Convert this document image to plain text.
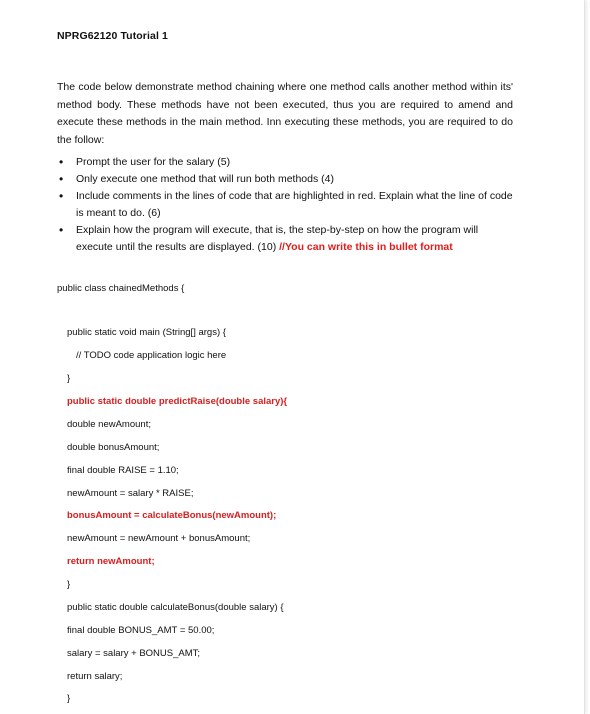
NPRG62120 Tutorial 1

The code below demonstrate method chaining where one method calls another method within its' method body. These methods have not been executed, thus you are required to amend and execute these methods in the main method. Inn executing these methods, you are required to do the follow:

• Prompt the user for the salary (5)
• Only execute one method that will run both methods (4)
• Include comments in the lines of code that are highlighted in red. Explain what the line of code is meant to do. (6)
• Explain how the program will execute, that is, the step-by-step on how the program will execute until the results are displayed. (10) //You can write this in bullet format
public class chainedMethods {
public static void main (String[] args) {
// TODO code application logic here
}
public static double predictRaise(double salary){
double newAmount;
double bonusAmount;
final double RAISE = 1.10;
newAmount = salary * RAISE;
bonusAmount = calculateBonus(newAmount);
newAmount = newAmount + bonusAmount;
return newAmount;
}
public static double calculateBonus(double salary) {
final double BONUS_AMT = 50.00;
salary = salary + BONUS_AMT;
return salary;
}
